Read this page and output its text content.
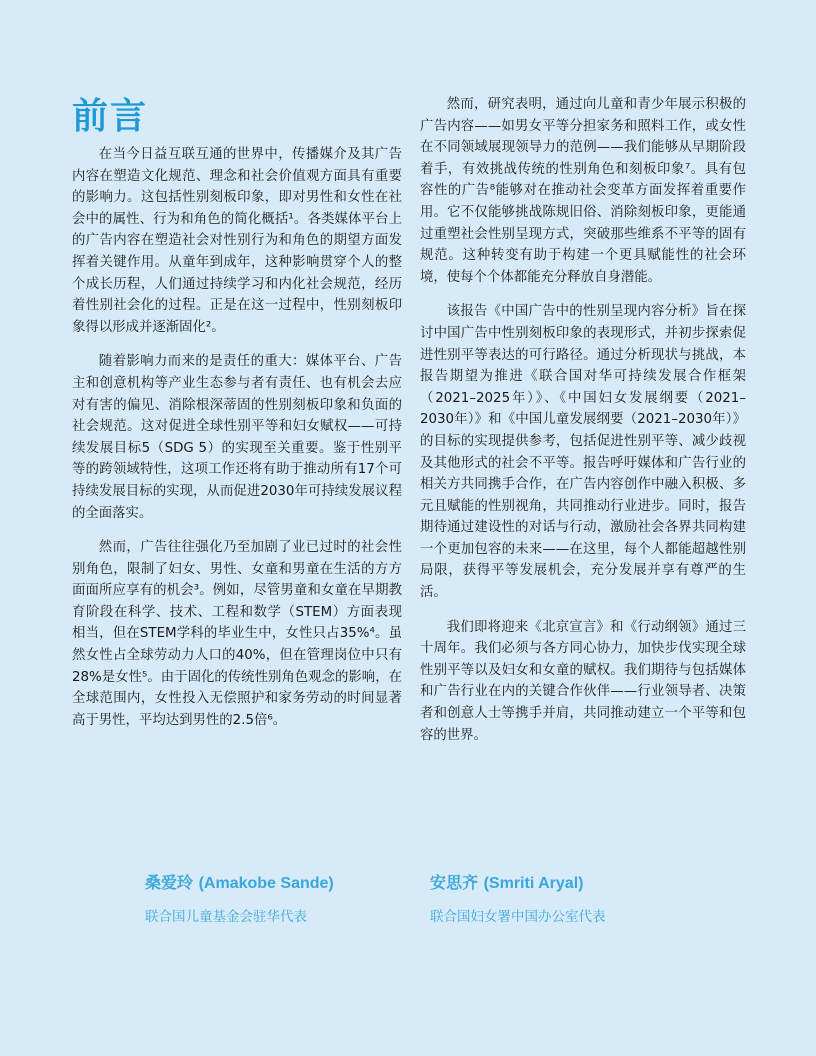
前言

在当今日益互联互通的世界中，传播媒介及其广告内容在塑造文化规范、理念和社会价值观方面具有重要的影响力。这包括性别刻板印象，即对男性和女性在社会中的属性、行为和角色的简化概括¹。各类媒体平台上的广告内容在塑造社会对性别行为和角色的期望方面发挥着关键作用。从童年到成年，这种影响贯穿个人的整个成长历程，人们通过持续学习和内化社会规范，经历着性别社会化的过程。正是在这一过程中，性别刻板印象得以形成并逐渐固化²。

随着影响力而来的是责任的重大：媒体平台、广告主和创意机构等产业生态参与者有责任、也有机会去应对有害的偏见、消除根深蒂固的性别刻板印象和负面的社会规范。这对促进全球性别平等和妇女赋权——可持续发展目标5（SDG 5）的实现至关重要。鉴于性别平等的跨领域特性，这项工作还将有助于推动所有17个可持续发展目标的实现，从而促进2030年可持续发展议程的全面落实。

然而，广告往往强化乃至加剧了业已过时的社会性别角色，限制了妇女、男性、女童和男童在生活的方方面面所应享有的机会³。例如，尽管男童和女童在早期教育阶段在科学、技术、工程和数学（STEM）方面表现相当，但在STEM学科的毕业生中，女性只占35%⁴。虽然女性占全球劳动力人口的40%，但在管理岗位中只有28%是女性⁵。由于固化的传统性别角色观念的影响，在全球范围内，女性投入无偿照护和家务劳动的时间显著高于男性，平均达到男性的2.5倍⁶。

然而，研究表明，通过向儿童和青少年展示积极的广告内容——如男女平等分担家务和照料工作，或女性在不同领域展现领导力的范例——我们能够从早期阶段着手，有效挑战传统的性别角色和刻板印象⁷。具有包容性的广告⁸能够对在推动社会变革方面发挥着重要作用。它不仅能够挑战陈规旧俗、消除刻板印象，更能通过重塑社会性别呈现方式，突破那些维系不平等的固有规范。这种转变有助于构建一个更具赋能性的社会环境，使每个个体都能充分释放自身潜能。

该报告《中国广告中的性别呈现内容分析》旨在探讨中国广告中性别刻板印象的表现形式，并初步探索促进性别平等表达的可行路径。通过分析现状与挑战，本报告期望为推进《联合国对华可持续发展合作框架（2021–2025年）》、《中国妇女发展纲要（2021–2030年）》和《中国儿童发展纲要（2021–2030年）》的目标的实现提供参考，包括促进性别平等、减少歧视及其他形式的社会不平等。报告呼吁媒体和广告行业的相关方共同携手合作，在广告内容创作中融入积极、多元且赋能的性别视角，共同推动行业进步。同时，报告期待通过建设性的对话与行动，激励社会各界共同构建一个更加包容的未来——在这里，每个人都能超越性别局限，获得平等发展机会，充分发展并享有尊严的生活。

我们即将迎来《北京宣言》和《行动纲领》通过三十周年。我们必须与各方同心协力，加快步伐实现全球性别平等以及妇女和女童的赋权。我们期待与包括媒体和广告行业在内的关键合作伙伴——行业领导者、决策者和创意人士等携手并肩，共同推动建立一个平等和包容的世界。

桑爱玲 (Amakobe Sande)
联合国儿童基金会驻华代表
安思齐 (Smriti Aryal)
联合国妇女署中国办公室代表
